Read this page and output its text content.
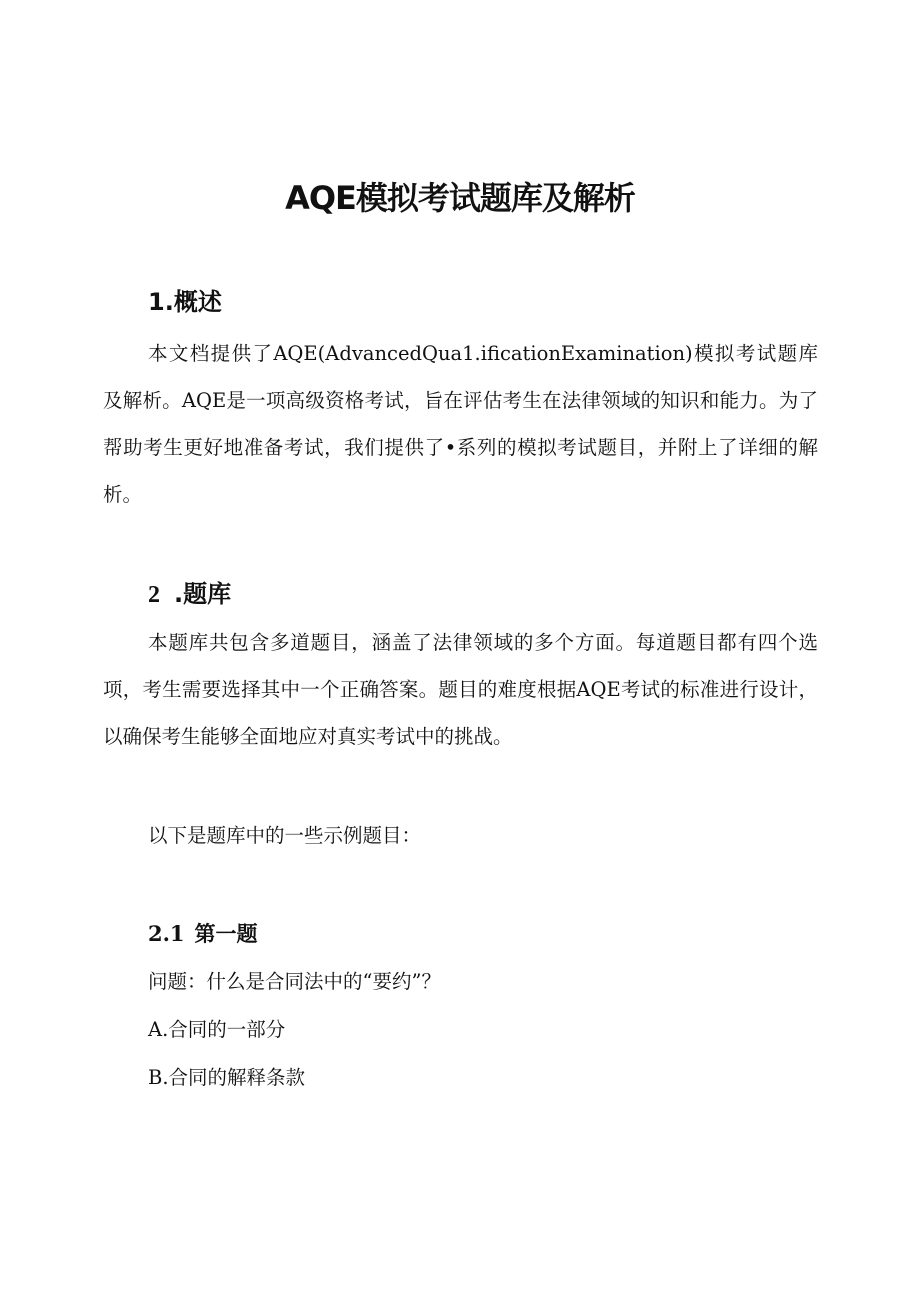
AQE模拟考试题库及解析
1.概述

本文档提供了AQE(AdvancedQua1.ificationExamination)模拟考试题库及解析。AQE是一项高级资格考试，旨在评估考生在法律领域的知识和能力。为了帮助考生更好地准备考试，我们提供了•系列的模拟考试题目，并附上了详细的解析。

2 .题库

本题库共包含多道题目，涵盖了法律领域的多个方面。每道题目都有四个选项，考生需要选择其中一个正确答案。题目的难度根据AQE考试的标准进行设计，以确保考生能够全面地应对真实考试中的挑战。

以下是题库中的一些示例题目：

2.1 第一题

问题：什么是合同法中的“要约”？

A.合同的一部分

B.合同的解释条款
